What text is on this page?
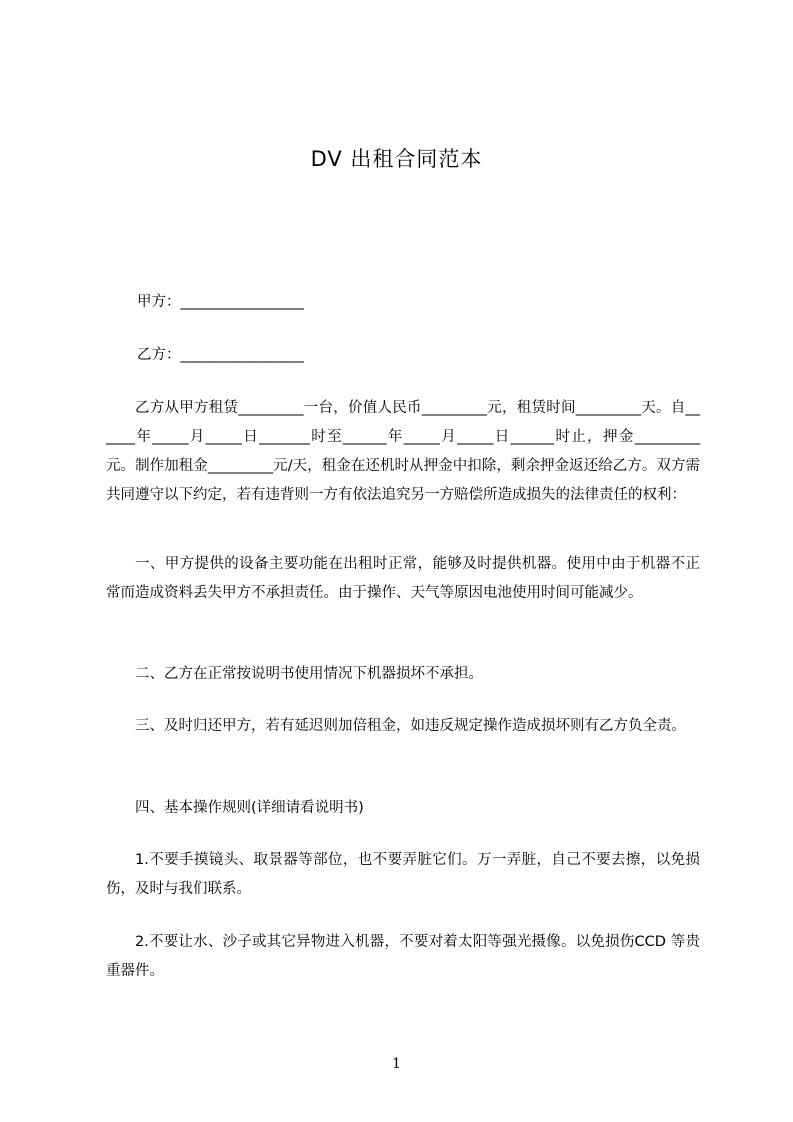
DV 出租合同范本
甲方：_________________
乙方：_________________
乙方从甲方租赁_________一台，价值人民币_________元，租赁时间_________天。自______年_____月_____日_______时至______年_____月_____日______时止，押金_________元。制作加租金_________元/天，租金在还机时从押金中扣除，剩余押金返还给乙方。双方需共同遵守以下约定，若有违背则一方有依法追究另一方赔偿所造成损失的法律责任的权利：
一、甲方提供的设备主要功能在出租时正常，能够及时提供机器。使用中由于机器不正常而造成资料丢失甲方不承担责任。由于操作、天气等原因电池使用时间可能减少。
二、乙方在正常按说明书使用情况下机器损坏不承担。
三、及时归还甲方，若有延迟则加倍租金，如违反规定操作造成损坏则有乙方负全责。
四、基本操作规则(详细请看说明书)
1.不要手摸镜头、取景器等部位，也不要弄脏它们。万一弄脏，自己不要去擦，以免损伤，及时与我们联系。
2.不要让水、沙子或其它异物进入机器，不要对着太阳等强光摄像。以免损伤CCD 等贵重器件。
1
